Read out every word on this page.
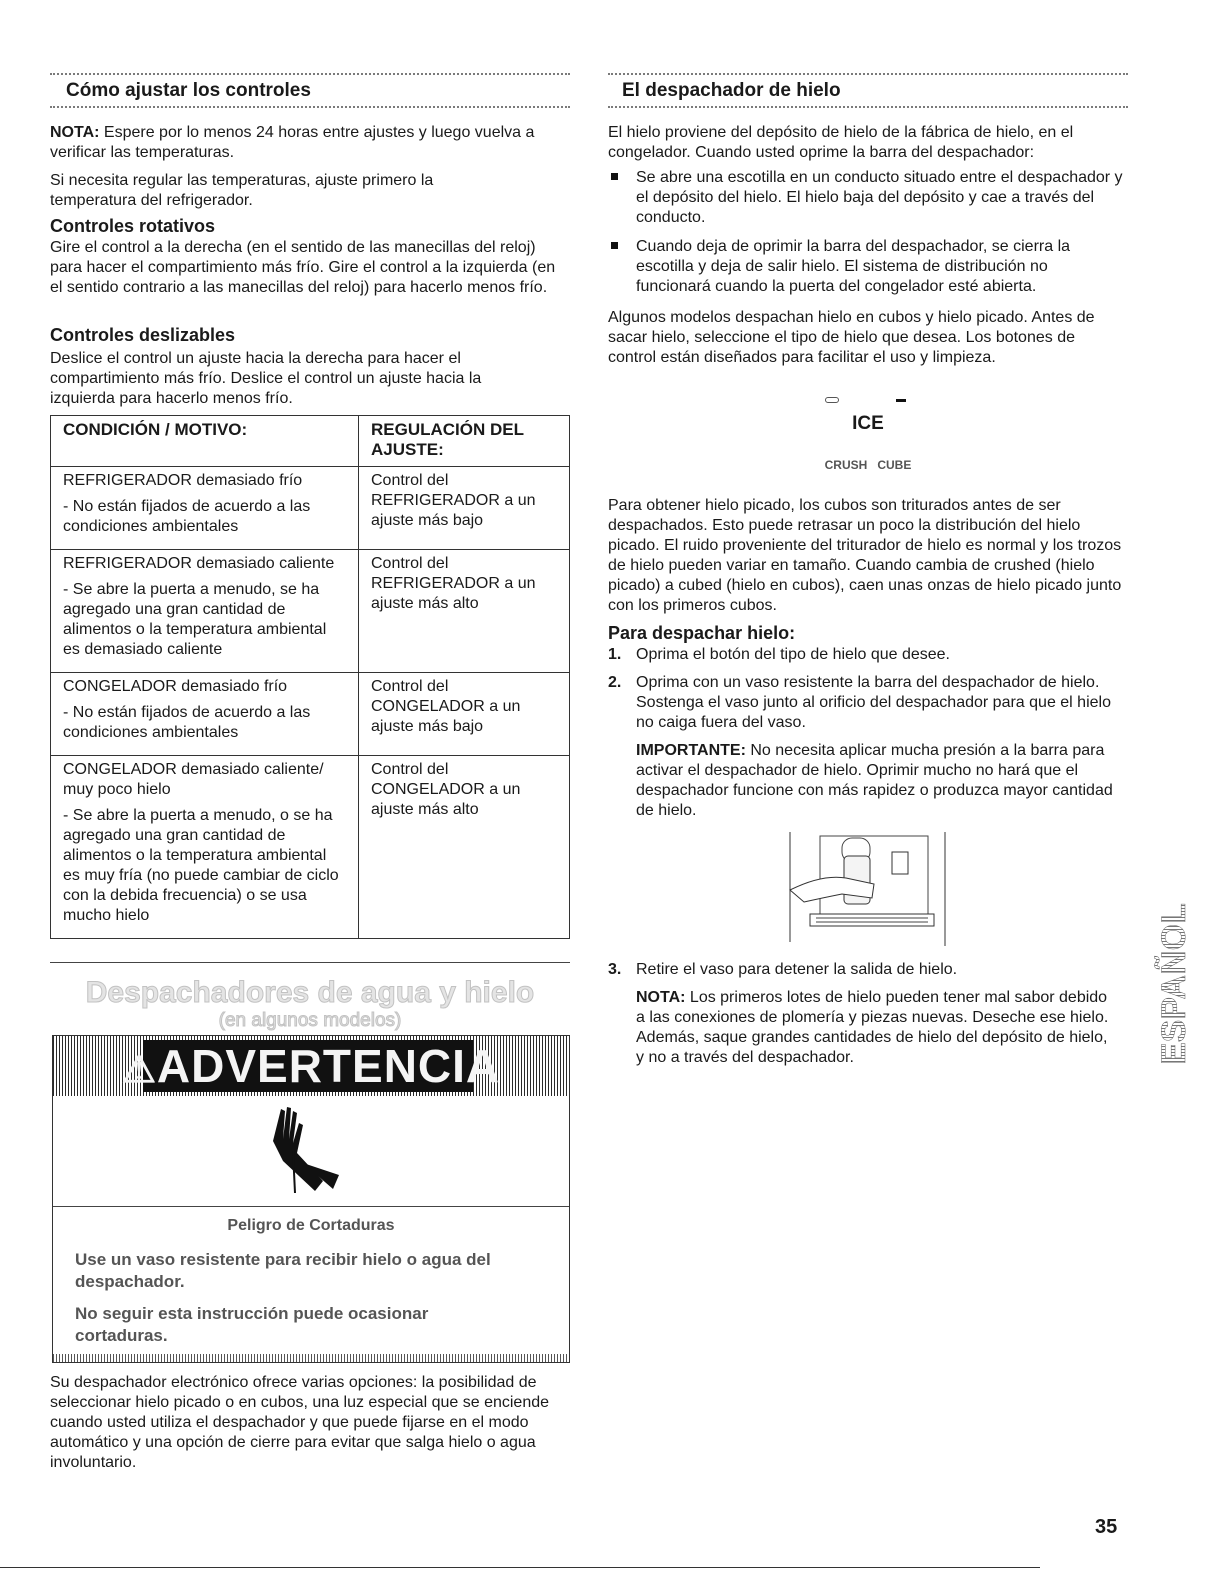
Cómo ajustar los controles

NOTA: Espere por lo menos 24 horas entre ajustes y luego vuelva a verificar las temperaturas.

Si necesita regular las temperaturas, ajuste primero la temperatura del refrigerador.

Controles rotativos

Gire el control a la derecha (en el sentido de las manecillas del reloj) para hacer el compartimiento más frío. Gire el control a la izquierda (en el sentido contrario a las manecillas del reloj) para hacerlo menos frío.

Controles deslizables

Deslice el control un ajuste hacia la derecha para hacer el compartimiento más frío. Deslice el control un ajuste hacia la izquierda para hacerlo menos frío.

CONDICIÓN / MOTIVO:	REGULACIÓN DEL AJUSTE:

REFRIGERADOR demasiado frío

- No están fijados de acuerdo a las condiciones ambientales	Control del REFRIGERADOR a un ajuste más bajo

REFRIGERADOR demasiado caliente

- Se abre la puerta a menudo, se ha agregado una gran cantidad de alimentos o la temperatura ambiental es demasiado caliente	Control del REFRIGERADOR a un ajuste más alto

CONGELADOR demasiado frío

- No están fijados de acuerdo a las condiciones ambientales	Control del CONGELADOR a un ajuste más bajo

CONGELADOR demasiado caliente/ muy poco hielo

- Se abre la puerta a menudo, o se ha agregado una gran cantidad de alimentos o la temperatura ambiental es muy fría (no puede cambiar de ciclo con la debida frecuencia) o se usa mucho hielo	Control del CONGELADOR a un ajuste más alto
Despachadores de agua y hielo

(en algunos modelos)

⚠ADVERTENCIA

Peligro de Cortaduras

Use un vaso resistente para recibir hielo o agua del despachador.

No seguir esta instrucción puede ocasionar cortaduras.

Su despachador electrónico ofrece varias opciones: la posibilidad de seleccionar hielo picado o en cubos, una luz especial que se enciende cuando usted utiliza el despachador y que puede fijarse en el modo automático y una opción de cierre para evitar que salga hielo o agua involuntario.

El despachador de hielo

El hielo proviene del depósito de hielo de la fábrica de hielo, en el congelador. Cuando usted oprime la barra del despachador:

Se abre una escotilla en un conducto situado entre el despachador y el depósito del hielo. El hielo baja del depósito y cae a través del conducto.
Cuando deja de oprimir la barra del despachador, se cierra la escotilla y deja de salir hielo. El sistema de distribución no funcionará cuando la puerta del congelador esté abierta.

Algunos modelos despachan hielo en cubos y hielo picado. Antes de sacar hielo, seleccione el tipo de hielo que desea. Los botones de control están diseñados para facilitar el uso y limpieza.

ICE
CRUSH CUBE

Para obtener hielo picado, los cubos son triturados antes de ser despachados. Esto puede retrasar un poco la distribución del hielo picado. El ruido proveniente del triturador de hielo es normal y los trozos de hielo pueden variar en tamaño. Cuando cambia de crushed (hielo picado) a cubed (hielo en cubos), caen unas onzas de hielo picado junto con los primeros cubos.

Para despachar hielo:
1. Oprima el botón del tipo de hielo que desee.
2. Oprima con un vaso resistente la barra del despachador de hielo. Sostenga el vaso junto al orificio del despachador para que el hielo no caiga fuera del vaso.
IMPORTANTE: No necesita aplicar mucha presión a la barra para activar el despachador de hielo. Oprimir mucho no hará que el despachador funcione con más rapidez o produzca mayor cantidad de hielo.
3. Retire el vaso para detener la salida de hielo.
NOTA: Los primeros lotes de hielo pueden tener mal sabor debido a las conexiones de plomería y piezas nuevas. Deseche ese hielo. Además, saque grandes cantidades de hielo del depósito de hielo, y no a través del despachador.	ESPAÑOL
35
